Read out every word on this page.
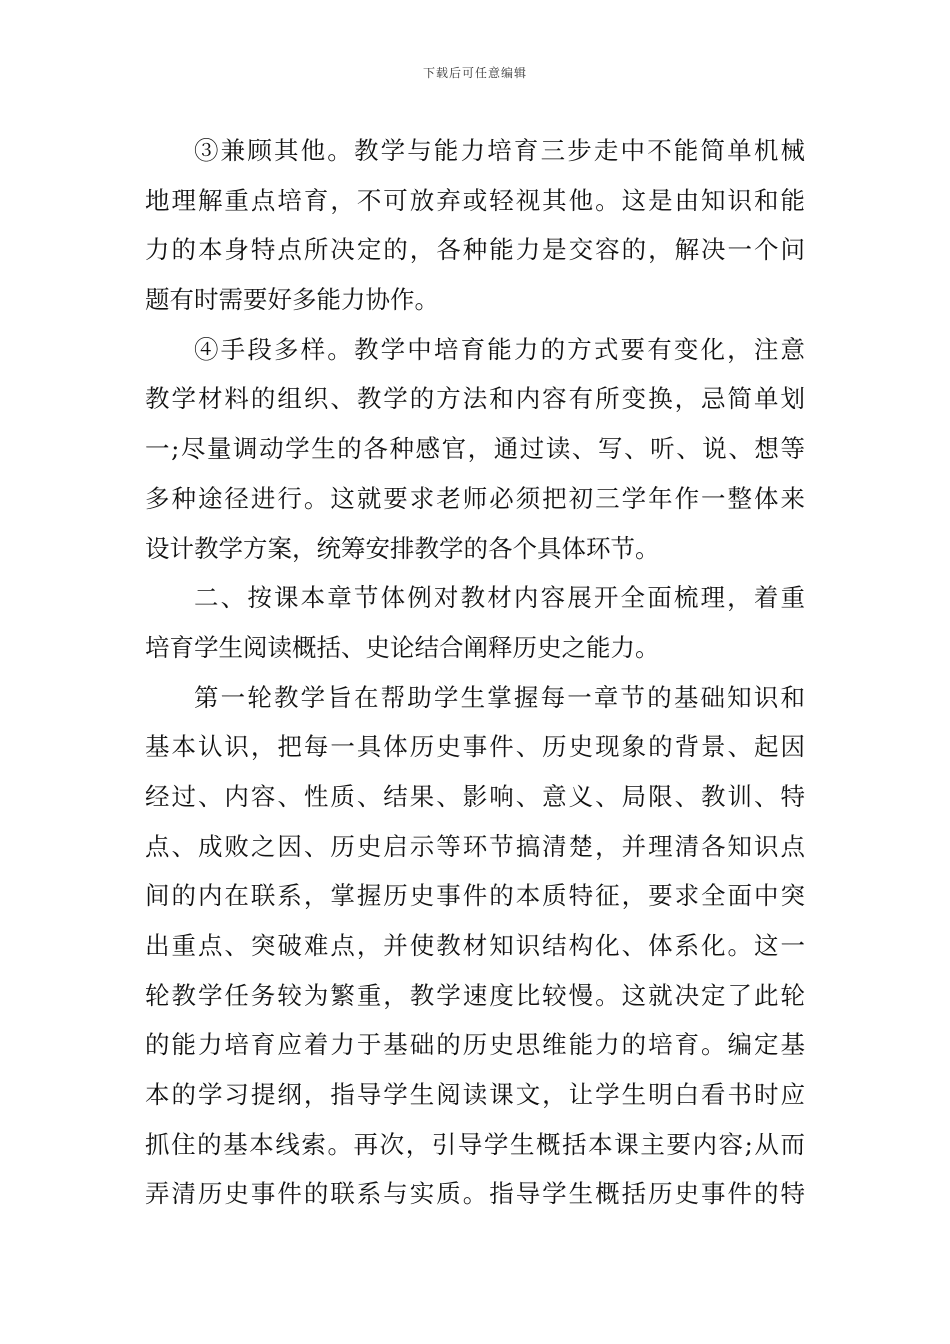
下载后可任意编辑
③兼顾其他。教学与能力培育三步走中不能简单机械
地理解重点培育，不可放弃或轻视其他。这是由知识和能
力的本身特点所决定的，各种能力是交容的，解决一个问
题有时需要好多能力协作。
④手段多样。教学中培育能力的方式要有变化，注意
教学材料的组织、教学的方法和内容有所变换，忌简单划
一;尽量调动学生的各种感官，通过读、写、听、说、想等
多种途径进行。这就要求老师必须把初三学年作一整体来
设计教学方案，统筹安排教学的各个具体环节。
二、按课本章节体例对教材内容展开全面梳理，着重
培育学生阅读概括、史论结合阐释历史之能力。
第一轮教学旨在帮助学生掌握每一章节的基础知识和
基本认识，把每一具体历史事件、历史现象的背景、起因
经过、内容、性质、结果、影响、意义、局限、教训、特
点、成败之因、历史启示等环节搞清楚，并理清各知识点
间的内在联系，掌握历史事件的本质特征，要求全面中突
出重点、突破难点，并使教材知识结构化、体系化。这一
轮教学任务较为繁重，教学速度比较慢。这就决定了此轮
的能力培育应着力于基础的历史思维能力的培育。编定基
本的学习提纲，指导学生阅读课文，让学生明白看书时应
抓住的基本线索。再次，引导学生概括本课主要内容;从而
弄清历史事件的联系与实质。指导学生概括历史事件的特
